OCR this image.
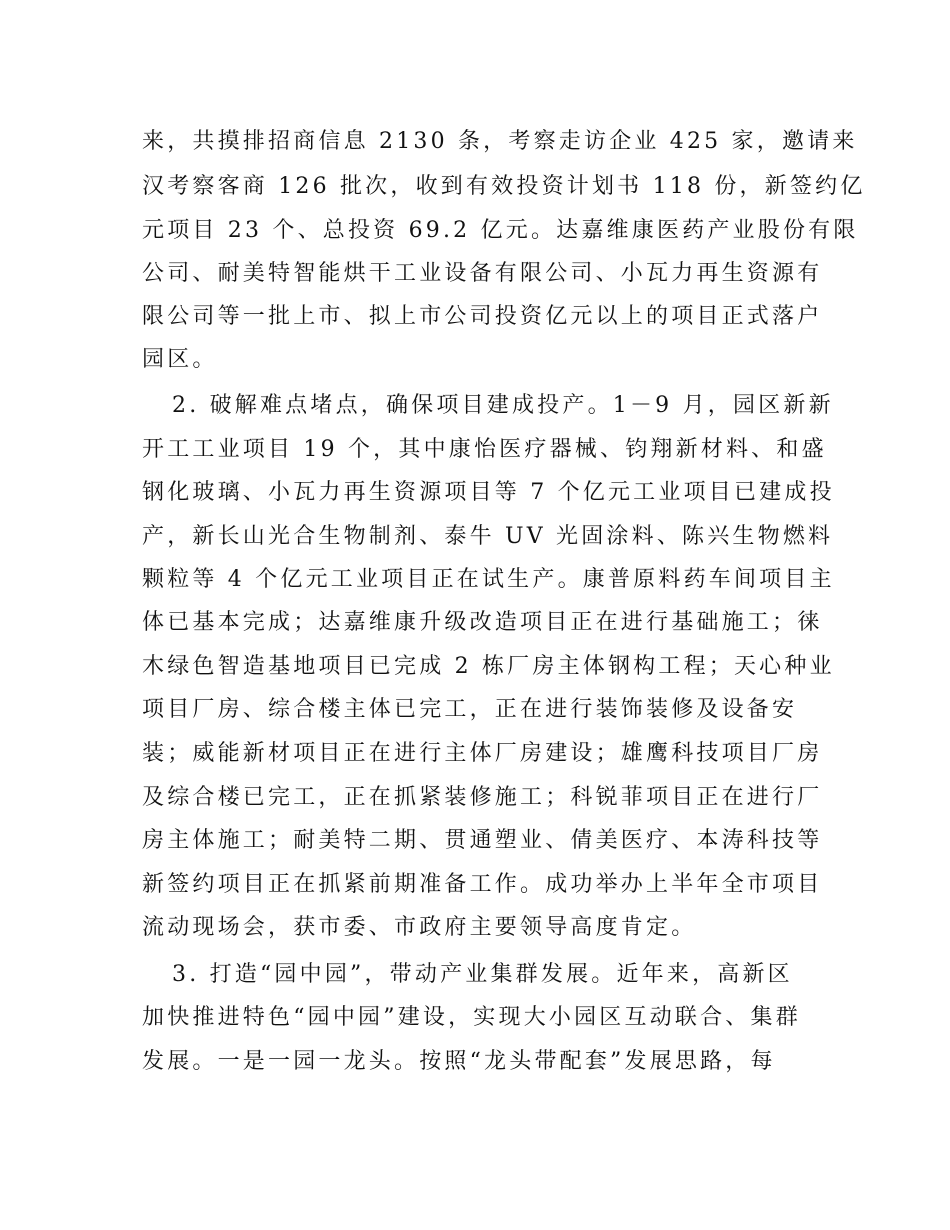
来，共摸排招商信息 2130 条，考察走访企业 425 家，邀请来
汉考察客商 126 批次，收到有效投资计划书 118 份，新签约亿
元项目 23 个、总投资 69.2 亿元。达嘉维康医药产业股份有限
公司、耐美特智能烘干工业设备有限公司、小瓦力再生资源有
限公司等一批上市、拟上市公司投资亿元以上的项目正式落户
园区。
2. 破解难点堵点，确保项目建成投产。1－9 月，园区新新
开工工业项目 19 个，其中康怡医疗器械、钧翔新材料、和盛
钢化玻璃、小瓦力再生资源项目等 7 个亿元工业项目已建成投
产，新长山光合生物制剂、泰牛 UV 光固涂料、陈兴生物燃料
颗粒等 4 个亿元工业项目正在试生产。康普原料药车间项目主
体已基本完成；达嘉维康升级改造项目正在进行基础施工；徕
木绿色智造基地项目已完成 2 栋厂房主体钢构工程；天心种业
项目厂房、综合楼主体已完工，正在进行装饰装修及设备安
装；威能新材项目正在进行主体厂房建设；雄鹰科技项目厂房
及综合楼已完工，正在抓紧装修施工；科锐菲项目正在进行厂
房主体施工；耐美特二期、贯通塑业、倩美医疗、本涛科技等
新签约项目正在抓紧前期准备工作。成功举办上半年全市项目
流动现场会，获市委、市政府主要领导高度肯定。
3. 打造“园中园”，带动产业集群发展。近年来，高新区
加快推进特色“园中园”建设，实现大小园区互动联合、集群
发展。一是一园一龙头。按照“龙头带配套”发展思路，每
